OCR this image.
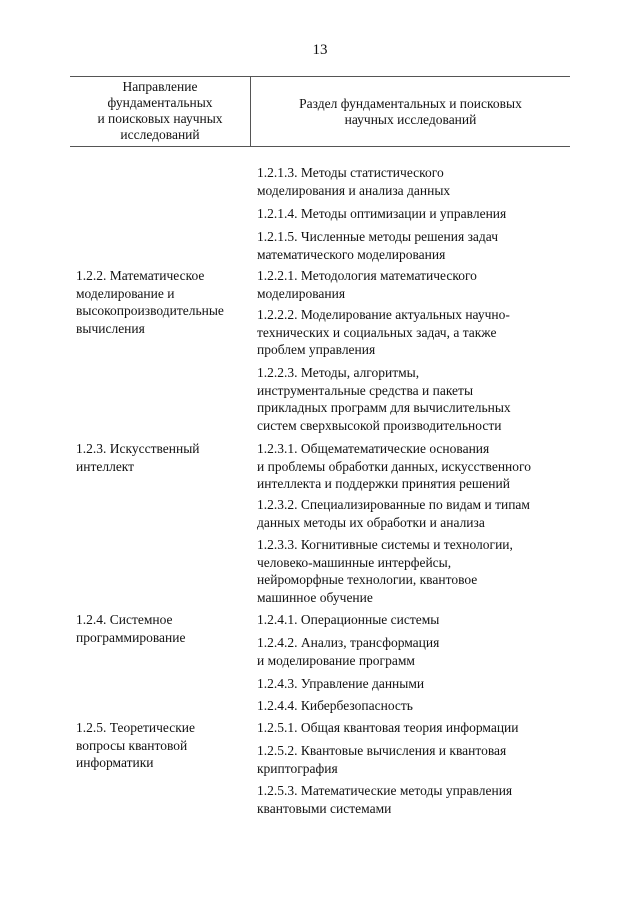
13
Направление
фундаментальных
и поисковых научных
исследований
Раздел фундаментальных и поисковых
научных исследований
1.2.2. Математическое
моделирование и
высокопроизводительные
вычисления
1.2.3. Искусственный
интеллект
1.2.4. Системное
программирование
1.2.5. Теоретические
вопросы квантовой
информатики
1.2.1.3. Методы статистического
моделирования и анализа данных
1.2.1.4. Методы оптимизации и управления
1.2.1.5. Численные методы решения задач
математического моделирования
1.2.2.1. Методология математического
моделирования
1.2.2.2. Моделирование актуальных научно-
технических и социальных задач, а также
проблем управления
1.2.2.3. Методы, алгоритмы,
инструментальные средства и пакеты
прикладных программ для вычислительных
систем сверхвысокой производительности
1.2.3.1. Общематематические основания
и проблемы обработки данных, искусственного
интеллекта и поддержки принятия решений
1.2.3.2. Специализированные по видам и типам
данных методы их обработки и анализа
1.2.3.3. Когнитивные системы и технологии,
человеко-машинные интерфейсы,
нейроморфные технологии, квантовое
машинное обучение
1.2.4.1. Операционные системы
1.2.4.2. Анализ, трансформация
и моделирование программ
1.2.4.3. Управление данными
1.2.4.4. Кибербезопасность
1.2.5.1. Общая квантовая теория информации
1.2.5.2. Квантовые вычисления и квантовая
криптография
1.2.5.3. Математические методы управления
квантовыми системами
